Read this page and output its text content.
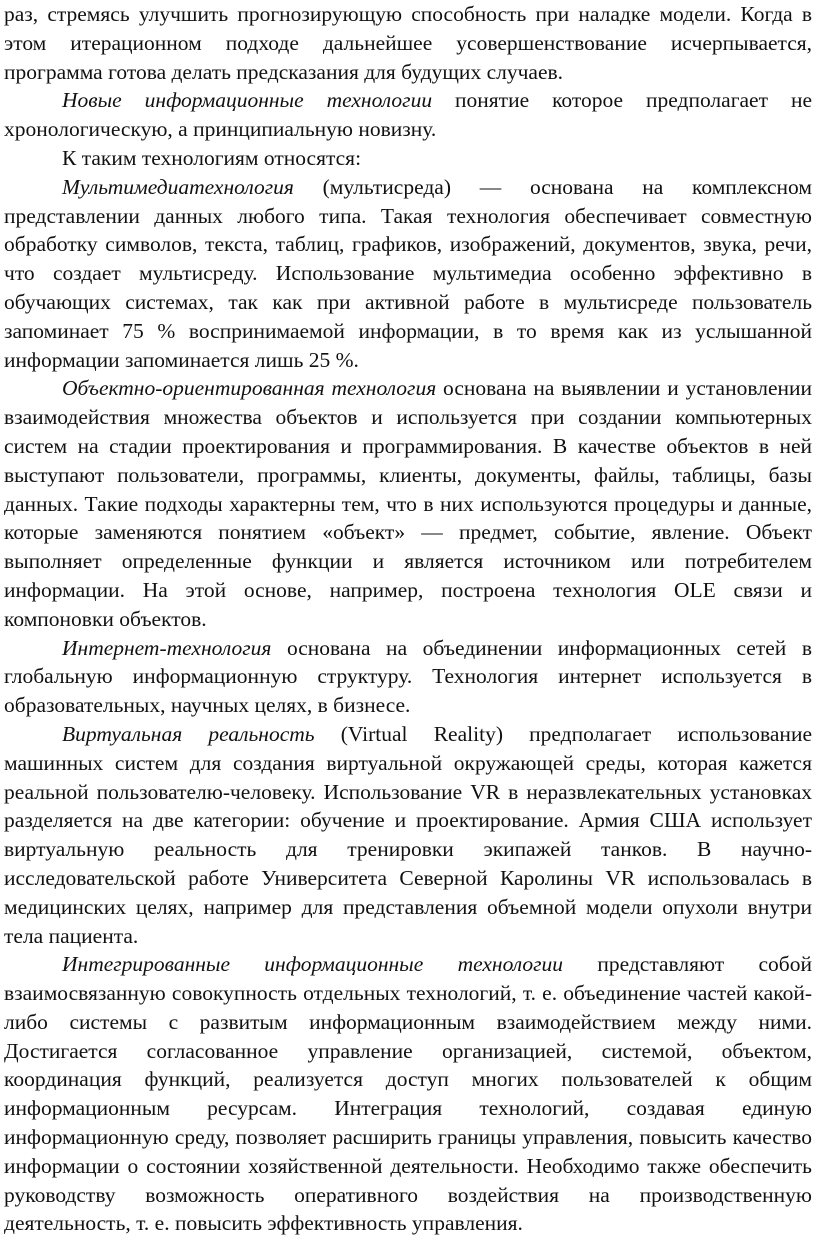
раз, стремясь улучшить прогнозирующую способность при наладке модели. Когда в этом итерационном подходе дальнейшее усовершенствование исчерпывается, программа готова делать предсказания для будущих случаев.

Новые информационные технологии понятие которое предполагает не хронологическую, а принципиальную новизну.

К таким технологиям относятся:

Мультимедиатехнология (мультисреда) — основана на комплексном представлении данных любого типа. Такая технология обеспечивает совместную обработку символов, текста, таблиц, графиков, изображений, документов, звука, речи, что создает мультисреду. Использование мультимедиа особенно эффективно в обучающих системах, так как при активной работе в мультисреде пользователь запоминает 75 % воспринимаемой информации, в то время как из услышанной информации запоминается лишь 25 %.

Объектно-ориентированная технология основана на выявлении и установлении взаимодействия множества объектов и используется при создании компьютерных систем на стадии проектирования и программирования. В качестве объектов в ней выступают пользователи, программы, клиенты, документы, файлы, таблицы, базы данных. Такие подходы характерны тем, что в них используются процедуры и данные, которые заменяются понятием «объект» — предмет, событие, явление. Объект выполняет определенные функции и является источником или потребителем информации. На этой основе, например, построена технология OLE связи и компоновки объектов.

Интернет-технология основана на объединении информационных сетей в глобальную информационную структуру. Технология интернет используется в образовательных, научных целях, в бизнесе.

Виртуальная реальность (Virtual Reality) предполагает использование машинных систем для создания виртуальной окружающей среды, которая кажется реальной пользователю-человеку. Использование VR в неразвлекательных установках разделяется на две категории: обучение и проектирование. Армия США использует виртуальную реальность для тренировки экипажей танков. В научно-исследовательской работе Университета Северной Каролины VR использовалась в медицинских целях, например для представления объемной модели опухоли внутри тела пациента.

Интегрированные информационные технологии представляют собой взаимосвязанную совокупность отдельных технологий, т. е. объединение частей какой-либо системы с развитым информационным взаимодействием между ними. Достигается согласованное управление организацией, системой, объектом, координация функций, реализуется доступ многих пользователей к общим информационным ресурсам. Интеграция технологий, создавая единую информационную среду, позволяет расширить границы управления, повысить качество информации о состоянии хозяйственной деятельности. Необходимо также обеспечить руководству возможность оперативного воздействия на производственную деятельность, т. е. повысить эффективность управления.
